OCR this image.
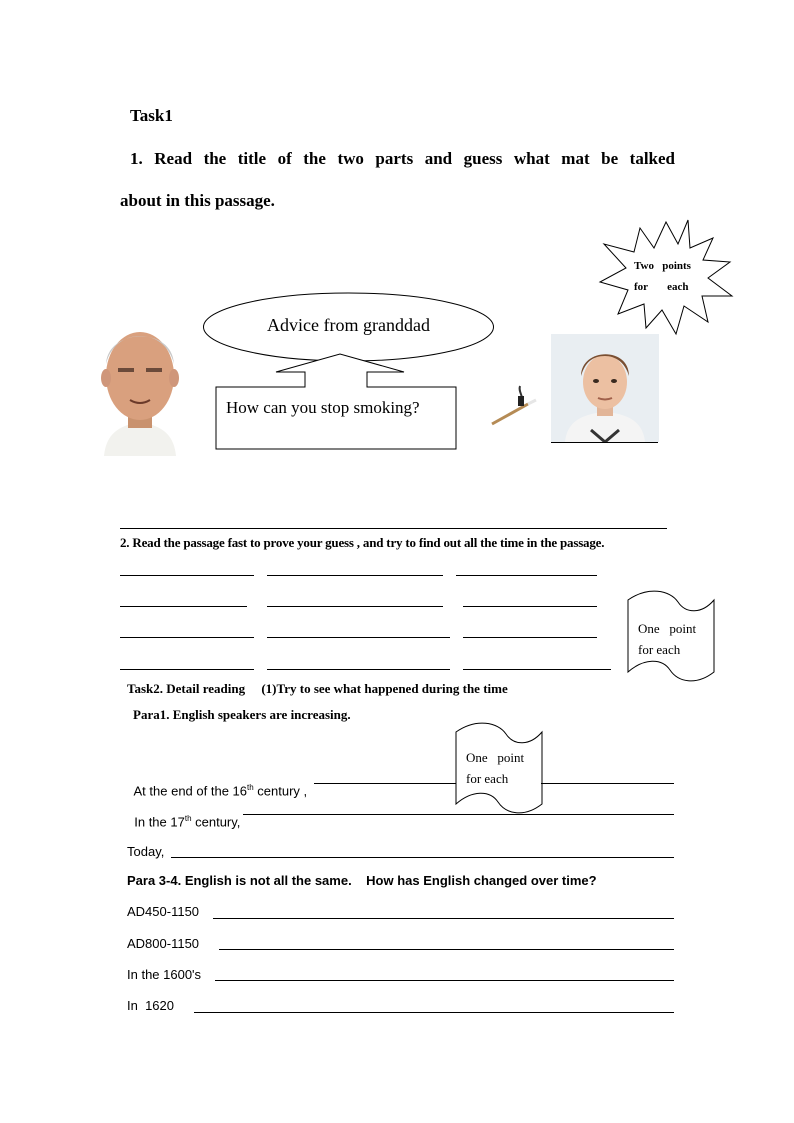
Task1
1. Read the title of the two parts and guess what mat be talked
about in this passage.
Two   points
for       each
Advice from granddad
How can you stop smoking?
2. Read the passage fast to prove your guess , and try to find out all the time in the passage.
One   point
for each
Task2. Detail reading     (1)Try to see what happened during the time
Para1. English speakers are increasing.
One   point
for each

At the end of the 16th century ,

In the 17th century,

Today,
Para 3-4. English is not all the same.    How has English changed over time?
AD450-1150
AD800-1150
In the 1600's
In  1620
